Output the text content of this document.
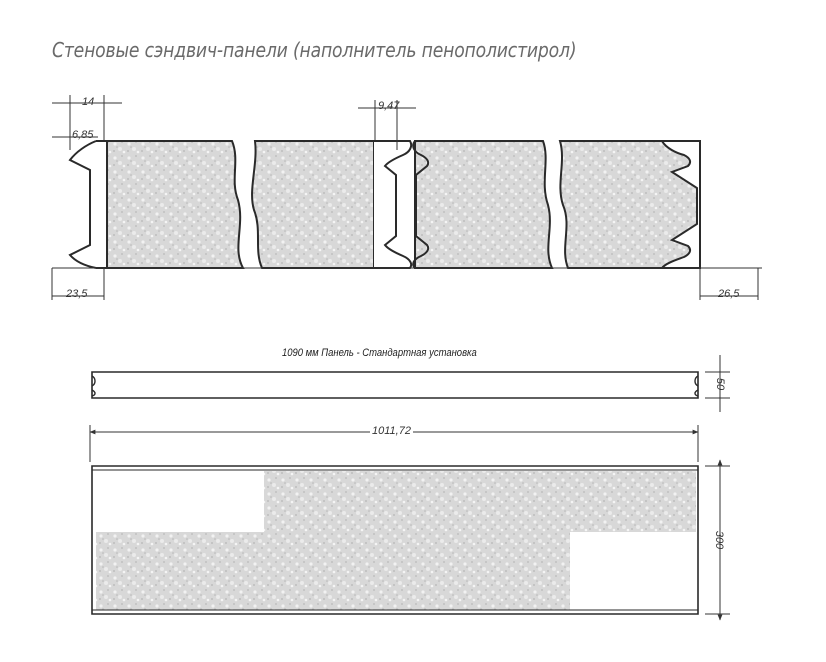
Стеновые сэндвич-панели (наполнитель пенополистирол)
14
6,85
9,47
23,5	26,5
1090 мм Панель - Стандартная установка
50
1011,72
300
